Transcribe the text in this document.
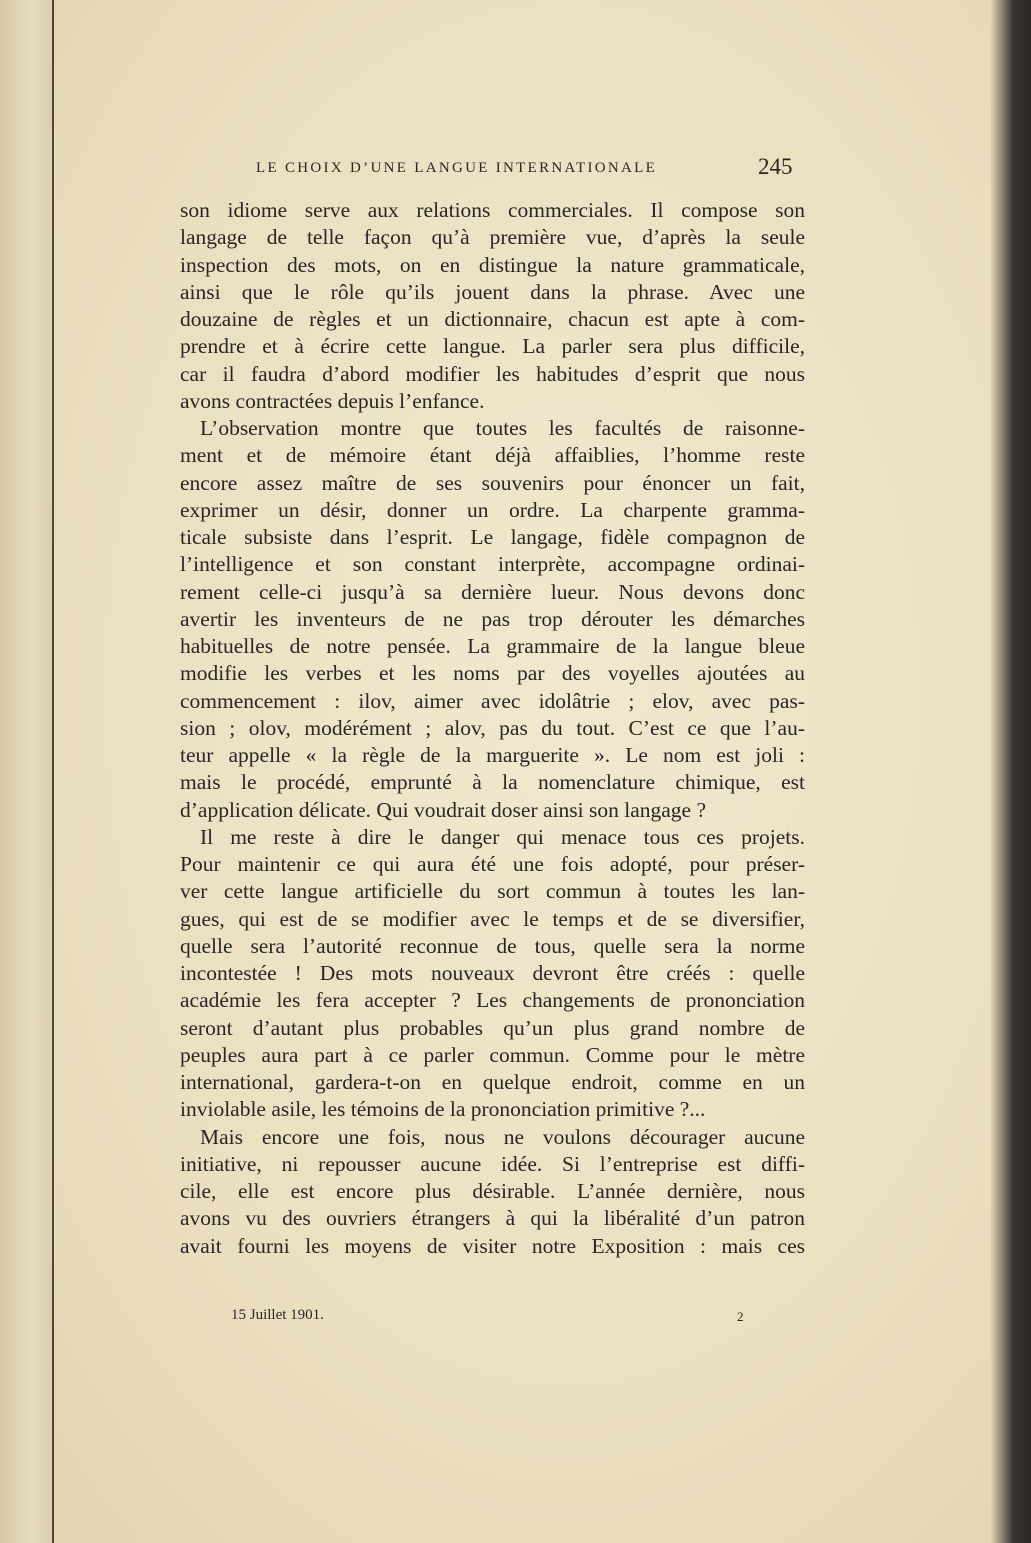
LE CHOIX D’UNE LANGUE INTERNATIONALE	245
son idiome serve aux relations commerciales. Il compose son
langage de telle façon qu’à première vue, d’après la seule
inspection des mots, on en distingue la nature grammaticale,
ainsi que le rôle qu’ils jouent dans la phrase. Avec une
douzaine de règles et un dictionnaire, chacun est apte à com-
prendre et à écrire cette langue. La parler sera plus difficile,
car il faudra d’abord modifier les habitudes d’esprit que nous
avons contractées depuis l’enfance.
L’observation montre que toutes les facultés de raisonne-
ment et de mémoire étant déjà affaiblies, l’homme reste
encore assez maître de ses souvenirs pour énoncer un fait,
exprimer un désir, donner un ordre. La charpente gramma-
ticale subsiste dans l’esprit. Le langage, fidèle compagnon de
l’intelligence et son constant interprète, accompagne ordinai-
rement celle-ci jusqu’à sa dernière lueur. Nous devons donc
avertir les inventeurs de ne pas trop dérouter les démarches
habituelles de notre pensée. La grammaire de la langue bleue
modifie les verbes et les noms par des voyelles ajoutées au
commencement : ilov, aimer avec idolâtrie ; elov, avec pas-
sion ; olov, modérément ; alov, pas du tout. C’est ce que l’au-
teur appelle « la règle de la marguerite ». Le nom est joli :
mais le procédé, emprunté à la nomenclature chimique, est
d’application délicate. Qui voudrait doser ainsi son langage ?
Il me reste à dire le danger qui menace tous ces projets.
Pour maintenir ce qui aura été une fois adopté, pour préser-
ver cette langue artificielle du sort commun à toutes les lan-
gues, qui est de se modifier avec le temps et de se diversifier,
quelle sera l’autorité reconnue de tous, quelle sera la norme
incontestée ! Des mots nouveaux devront être créés : quelle
académie les fera accepter ? Les changements de prononciation
seront d’autant plus probables qu’un plus grand nombre de
peuples aura part à ce parler commun. Comme pour le mètre
international, gardera-t-on en quelque endroit, comme en un
inviolable asile, les témoins de la prononciation primitive ?...
Mais encore une fois, nous ne voulons décourager aucune
initiative, ni repousser aucune idée. Si l’entreprise est diffi-
cile, elle est encore plus désirable. L’année dernière, nous
avons vu des ouvriers étrangers à qui la libéralité d’un patron
avait fourni les moyens de visiter notre Exposition : mais ces
15 Juillet 1901.	2
